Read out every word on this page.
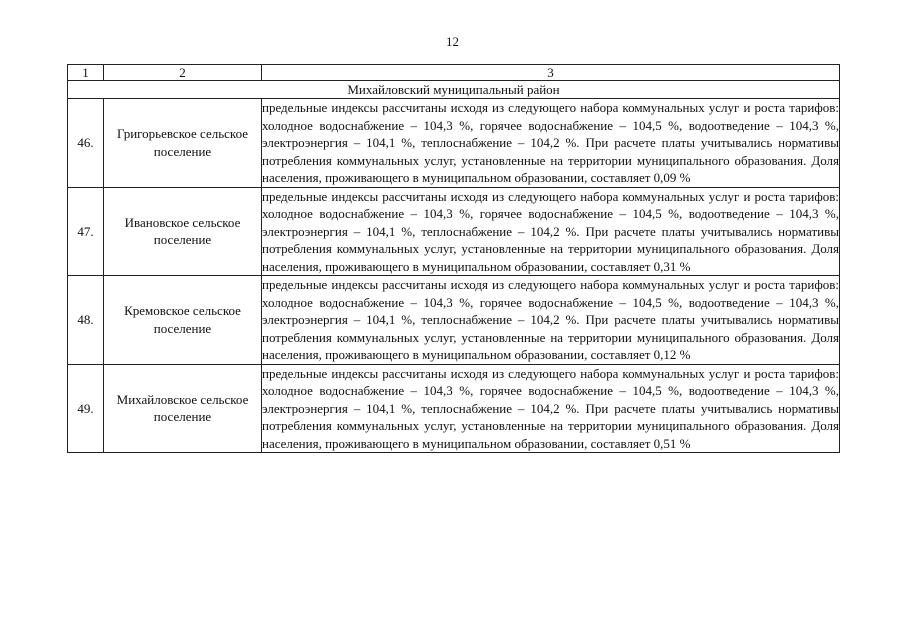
12
1	2	3
Михайловский муниципальный район		
46.	Григорьевское сельское поселение	предельные индексы рассчитаны исходя из следующего набора коммунальных услуг и роста тарифов: холодное водоснабжение – 104,3 %, горячее водоснабжение – 104,5 %, водоотведение – 104,3 %, электроэнергия – 104,1 %, теплоснабжение – 104,2 %. При расчете платы учитывались нормативы потребления коммунальных услуг, установленные на территории муниципального образования. Доля населения, проживающего в муниципальном образовании, составляет 0,09 %

47.	Ивановское сельское поселение	предельные индексы рассчитаны исходя из следующего набора коммунальных услуг и роста тарифов: холодное водоснабжение – 104,3 %, горячее водоснабжение – 104,5 %, водоотведение – 104,3 %, электроэнергия – 104,1 %, теплоснабжение – 104,2 %. При расчете платы учитывались нормативы потребления коммунальных услуг, установленные на территории муниципального образования. Доля населения, проживающего в муниципальном образовании, составляет 0,31 %

48.	Кремовское сельское поселение	предельные индексы рассчитаны исходя из следующего набора коммунальных услуг и роста тарифов: холодное водоснабжение – 104,3 %, горячее водоснабжение – 104,5 %, водоотведение – 104,3 %, электроэнергия – 104,1 %, теплоснабжение – 104,2 %. При расчете платы учитывались нормативы потребления коммунальных услуг, установленные на территории муниципального образования. Доля населения, проживающего в муниципальном образовании, составляет 0,12 %

49.	Михайловское сельское поселение	предельные индексы рассчитаны исходя из следующего набора коммунальных услуг и роста тарифов: холодное водоснабжение – 104,3 %, горячее водоснабжение – 104,5 %, водоотведение – 104,3 %, электроэнергия – 104,1 %, теплоснабжение – 104,2 %. При расчете платы учитывались нормативы потребления коммунальных услуг, установленные на территории муниципального образования. Доля населения, проживающего в муниципальном образовании, составляет 0,51 %
